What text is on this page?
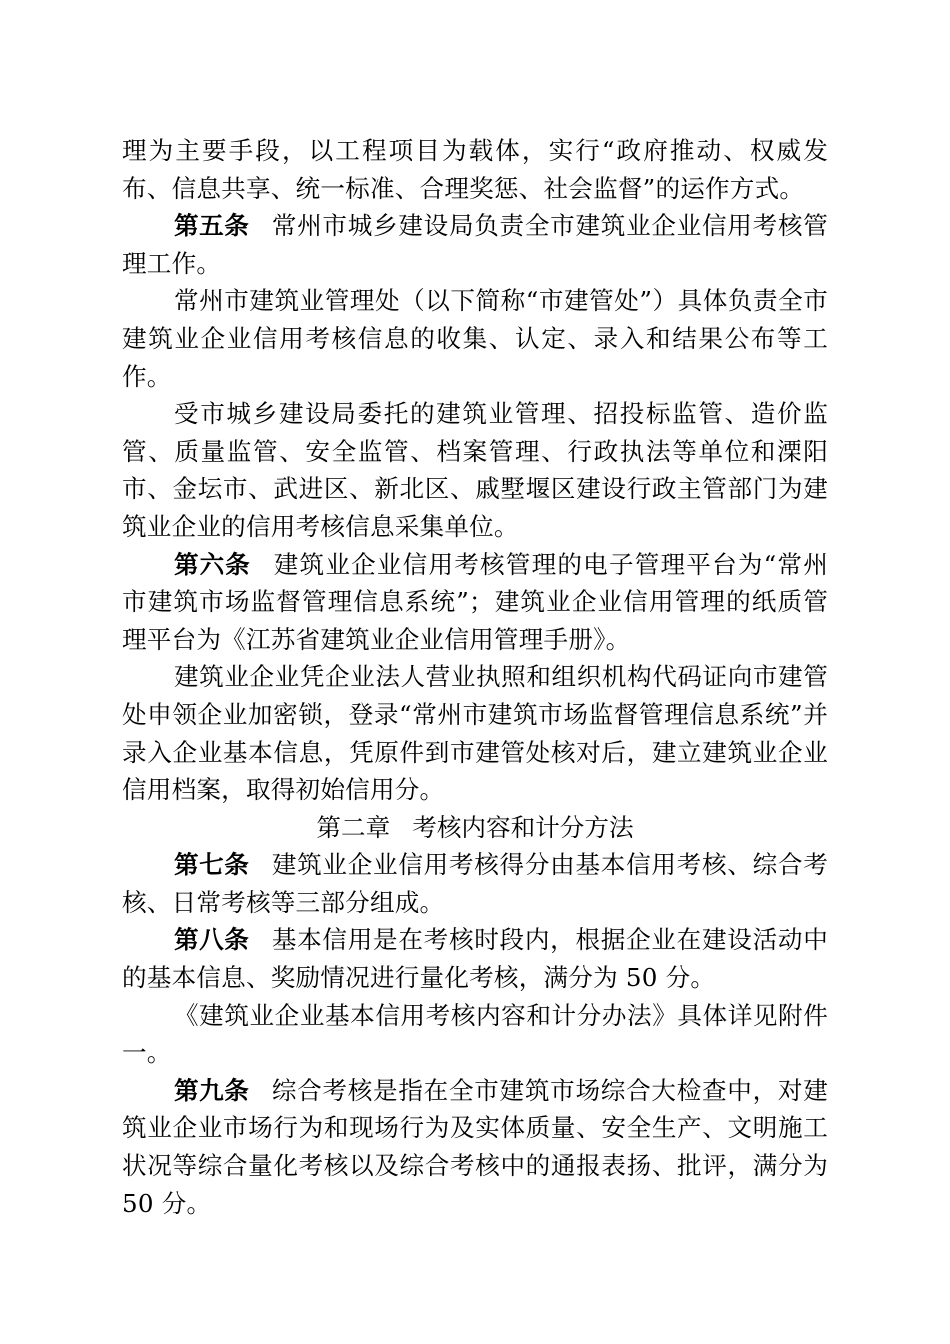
理为主要手段，以工程项目为载体，实行“政府推动、权威发布、信息共享、统一标准、合理奖惩、社会监督”的运作方式。

第五条 常州市城乡建设局负责全市建筑业企业信用考核管理工作。

常州市建筑业管理处（以下简称“市建管处”）具体负责全市建筑业企业信用考核信息的收集、认定、录入和结果公布等工作。

受市城乡建设局委托的建筑业管理、招投标监管、造价监管、质量监管、安全监管、档案管理、行政执法等单位和溧阳市、金坛市、武进区、新北区、戚墅堰区建设行政主管部门为建筑业企业的信用考核信息采集单位。

第六条 建筑业企业信用考核管理的电子管理平台为“常州市建筑市场监督管理信息系统”；建筑业企业信用管理的纸质管理平台为《江苏省建筑业企业信用管理手册》。

建筑业企业凭企业法人营业执照和组织机构代码证向市建管处申领企业加密锁，登录“常州市建筑市场监督管理信息系统”并录入企业基本信息，凭原件到市建管处核对后，建立建筑业企业信用档案，取得初始信用分。

第二章 考核内容和计分方法

第七条 建筑业企业信用考核得分由基本信用考核、综合考核、日常考核等三部分组成。

第八条 基本信用是在考核时段内，根据企业在建设活动中的基本信息、奖励情况进行量化考核，满分为 50 分。

《建筑业企业基本信用考核内容和计分办法》具体详见附件一。

第九条 综合考核是指在全市建筑市场综合大检查中，对建筑业企业市场行为和现场行为及实体质量、安全生产、文明施工状况等综合量化考核以及综合考核中的通报表扬、批评，满分为 50 分。
